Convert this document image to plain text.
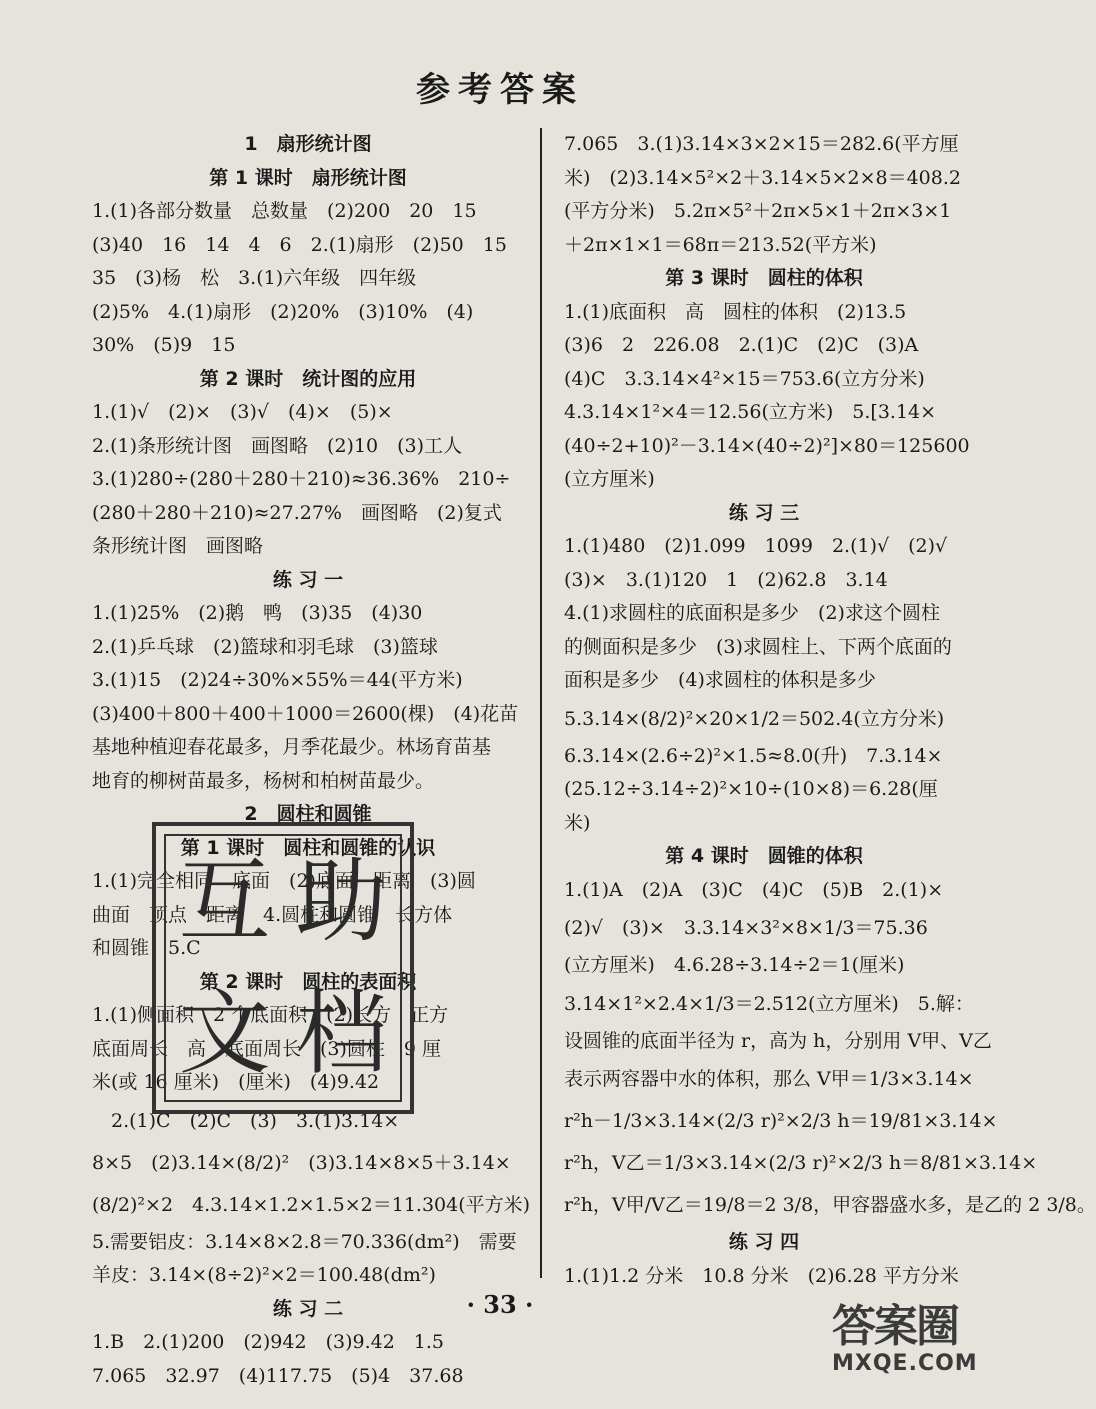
参考答案
1　扇形统计图
第 1 课时　扇形统计图
1.(1)各部分数量　总数量　(2)200　20　15
(3)40　16　14　4　6　2.(1)扇形　(2)50　15
35　(3)杨　松　3.(1)六年级　四年级
(2)5%　4.(1)扇形　(2)20%　(3)10%　(4)
30%　(5)9　15
第 2 课时　统计图的应用
1.(1)√　(2)×　(3)√　(4)×　(5)×
2.(1)条形统计图　画图略　(2)10　(3)工人
3.(1)280÷(280＋280＋210)≈36.36%　210÷
(280＋280＋210)≈27.27%　画图略　(2)复式
条形统计图　画图略
练 习 一
1.(1)25%　(2)鹅　鸭　(3)35　(4)30
2.(1)乒乓球　(2)篮球和羽毛球　(3)篮球
3.(1)15　(2)24÷30%×55%＝44(平方米)
(3)400＋800＋400＋1000＝2600(棵)　(4)花苗
基地种植迎春花最多，月季花最少。林场育苗基
地育的柳树苗最多，杨树和柏树苗最少。
2　圆柱和圆锥
第 1 课时　圆柱和圆锥的认识
1.(1)完全相同　底面　(2)底面　距离　(3)圆
曲面　顶点　距离　4.圆柱和圆锥　长方体
和圆锥　5.C
第 2 课时　圆柱的表面积
1.(1)侧面积　2 个底面积　(2)长方　正方
底面周长　高　底面周长　(3)圆柱　9 厘
米(或 16 厘米)　(厘米)　(4)9.42
　2.(1)C　(2)C　(3)　3.(1)3.14×
8×5　(2)3.14×(8/2)²　(3)3.14×8×5＋3.14×
(8/2)²×2　4.3.14×1.2×1.5×2＝11.304(平方米)
5.需要铝皮：3.14×8×2.8＝70.336(dm²)　需要
羊皮：3.14×(8÷2)²×2＝100.48(dm²)
练 习 二
1.B　2.(1)200　(2)942　(3)9.42　1.5
7.065　32.97　(4)117.75　(5)4　37.68
7.065　3.(1)3.14×3×2×15＝282.6(平方厘
米)　(2)3.14×5²×2＋3.14×5×2×8＝408.2
(平方分米)　5.2π×5²＋2π×5×1＋2π×3×1
＋2π×1×1＝68π＝213.52(平方米)
第 3 课时　圆柱的体积
1.(1)底面积　高　圆柱的体积　(2)13.5
(3)6　2　226.08　2.(1)C　(2)C　(3)A
(4)C　3.3.14×4²×15＝753.6(立方分米)
4.3.14×1²×4＝12.56(立方米)　5.[3.14×
(40÷2+10)²－3.14×(40÷2)²]×80＝125600
(立方厘米)
练 习 三
1.(1)480　(2)1.099　1099　2.(1)√　(2)√
(3)×　3.(1)120　1　(2)62.8　3.14
4.(1)求圆柱的底面积是多少　(2)求这个圆柱
的侧面积是多少　(3)求圆柱上、下两个底面的
面积是多少　(4)求圆柱的体积是多少
5.3.14×(8/2)²×20×1/2＝502.4(立方分米)
6.3.14×(2.6÷2)²×1.5≈8.0(升)　7.3.14×
(25.12÷3.14÷2)²×10÷(10×8)＝6.28(厘
米)
第 4 课时　圆锥的体积
1.(1)A　(2)A　(3)C　(4)C　(5)B　2.(1)×
(2)√　(3)×　3.3.14×3²×8×1/3＝75.36
(立方厘米)　4.6.28÷3.14÷2＝1(厘米)
3.14×1²×2.4×1/3＝2.512(立方厘米)　5.解：
设圆锥的底面半径为 r，高为 h，分别用 V甲、V乙
表示两容器中水的体积，那么 V甲＝1/3×3.14×
r²h－1/3×3.14×(2/3 r)²×2/3 h＝19/81×3.14×
r²h，V乙＝1/3×3.14×(2/3 r)²×2/3 h＝8/81×3.14×
r²h，V甲/V乙＝19/8＝2 3/8，甲容器盛水多，是乙的 2 3/8。
练 习 四
1.(1)1.2 分米　10.8 分米　(2)6.28 平方分米
互 助
文 档
· 33 ·	答案圈
MXQE.COM
